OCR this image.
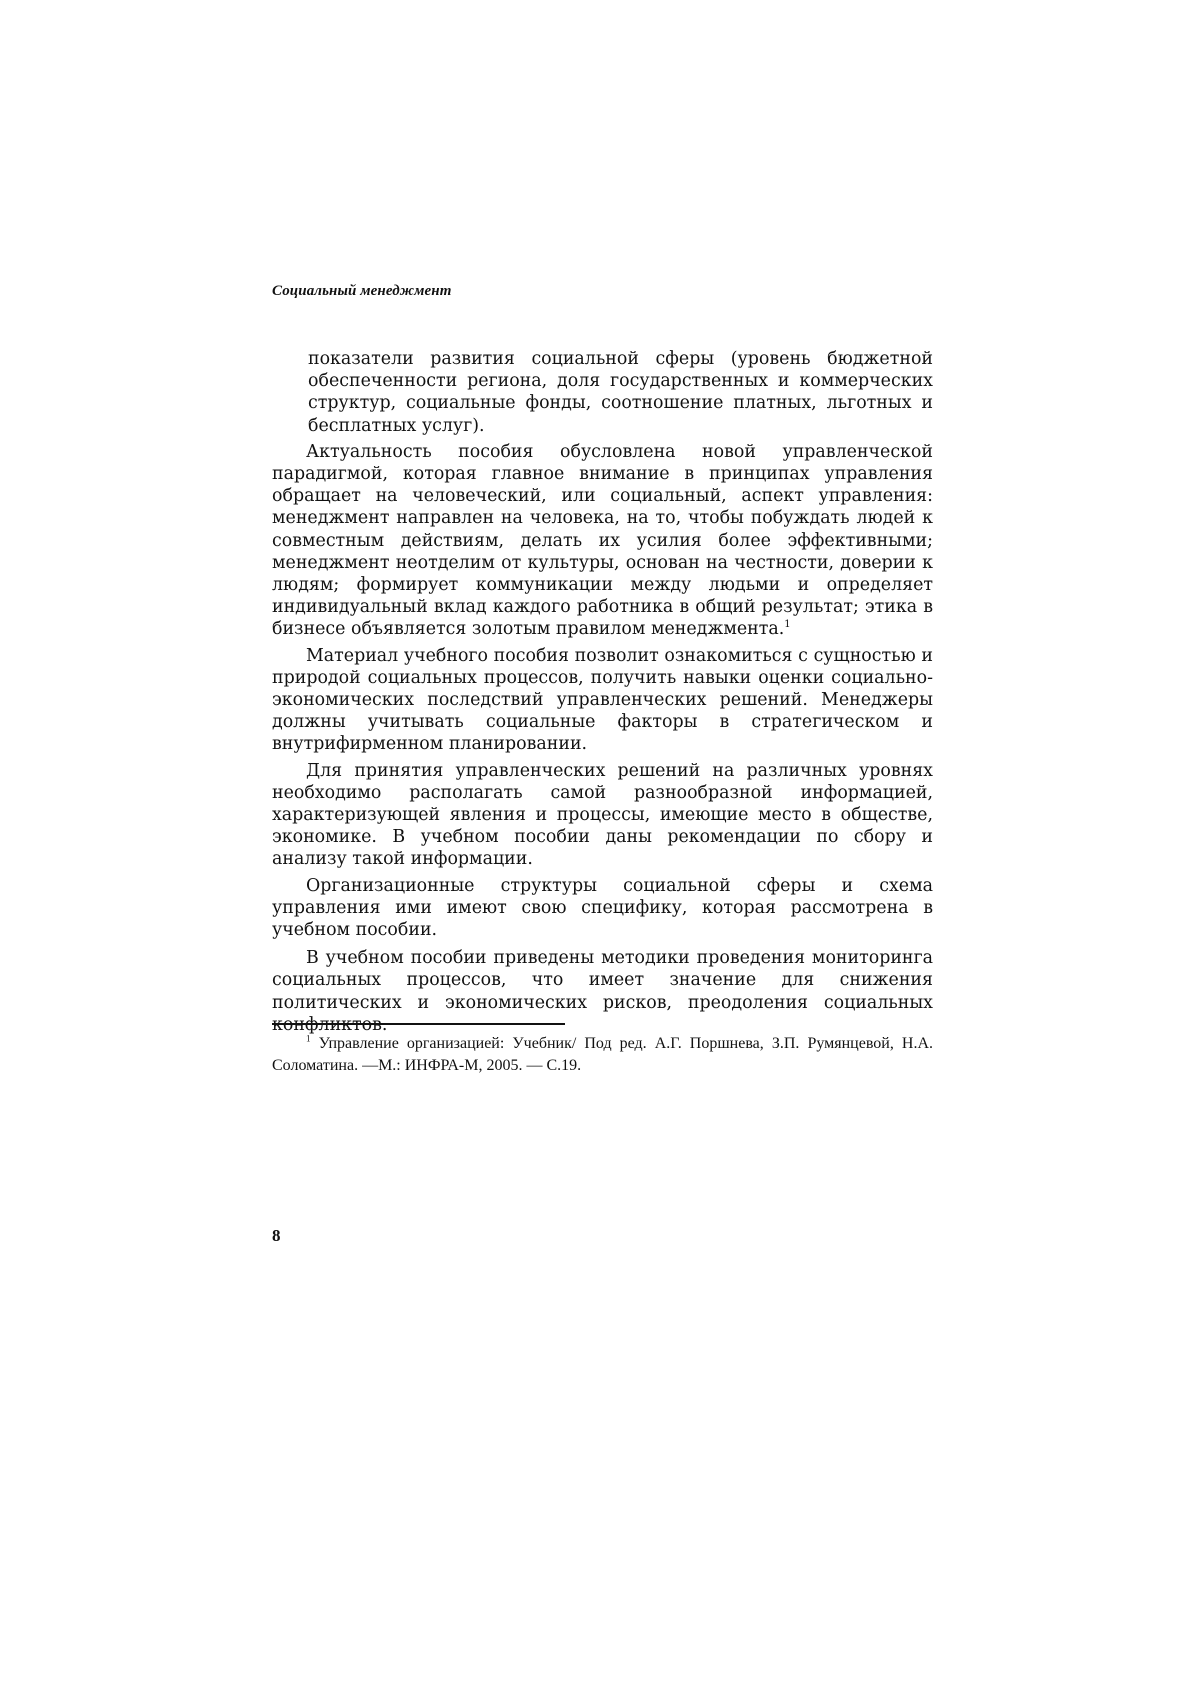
Социальный менеджмент

показатели развития социальной сферы (уровень бюджетной обеспеченности региона, доля государственных и коммерческих структур, социальные фонды, соотношение платных, льготных и бесплатных услуг).

Актуальность пособия обусловлена новой управленческой парадигмой, которая главное внимание в принципах управления обращает на человеческий, или социальный, аспект управления: менеджмент направлен на человека, на то, чтобы побуждать людей к совместным действиям, делать их усилия более эффективными; менеджмент неотделим от культуры, основан на честности, доверии к людям; формирует коммуникации между людьми и определяет индивидуальный вклад каждого работника в общий результат; этика в бизнесе объявляется золотым правилом менеджмента.$^1$

Материал учебного пособия позволит ознакомиться с сущностью и природой социальных процессов, получить навыки оценки социально-экономических последствий управленческих решений. Менеджеры должны учитывать социальные факторы в стратегическом и внутрифирменном планировании.

Для принятия управленческих решений на различных уровнях необходимо располагать самой разнообразной информацией, характеризующей явления и процессы, имеющие место в обществе, экономике. В учебном пособии даны рекомендации по сбору и анализу такой информации.

Организационные структуры социальной сферы и схема управления ими имеют свою специфику, которая рассмотрена в учебном пособии.

В учебном пособии приведены методики проведения мониторинга социальных процессов, что имеет значение для снижения политических и экономических рисков, преодоления социальных конфликтов.

$^1$ Управление организацией: Учебник/ Под ред. А.Г. Поршнева, З.П. Румянцевой, Н.А. Соломатина. —М.: ИНФРА-М, 2005. — С.19.

8
